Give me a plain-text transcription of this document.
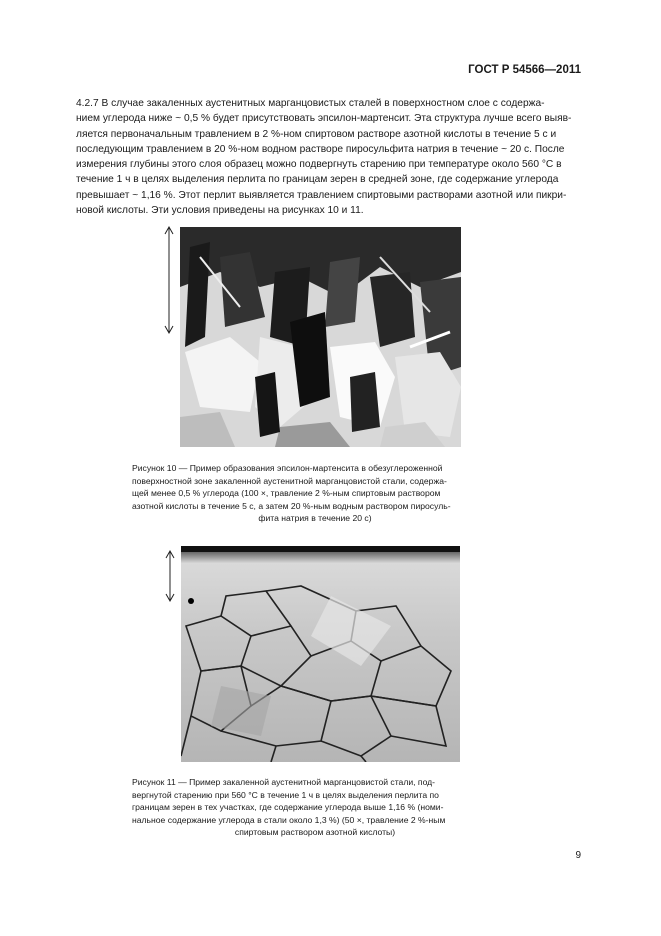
ГОСТ Р 54566—2011

4.2.7 В случае закаленных аустенитных марганцовистых сталей в поверхностном слое с содержа-

нием углерода ниже ~ 0,5 % будет присутствовать эпсилон-мартенсит. Эта структура лучше всего выяв-

ляется первоначальным травлением в 2 %-ном спиртовом растворе азотной кислоты в течение 5 с и

последующим травлением в 20 %-ном водном растворе пиросульфита натрия в течение ~ 20 с. После

измерения глубины этого слоя образец можно подвергнуть старению при температуре около 560 °С в

течение 1 ч в целях выделения перлита по границам зерен в средней зоне, где содержание углерода

превышает ~ 1,16 %. Этот перлит выявляется травлением спиртовыми растворами азотной или пикри-

новой кислоты. Эти условия приведены на рисунках 10 и 11.

Рисунок 10 — Пример образования эпсилон-мартенсита в обезуглероженной
поверхностной зоне закаленной аустенитной марганцовистой стали, содержа-
щей менее 0,5 % углерода (100 ×, травление 2 %-ным спиртовым раствором
азотной кислоты в течение 5 с, а затем 20 %-ным водным раствором пиросуль-
фита натрия в течение 20 с)
Рисунок 11 — Пример закаленной аустенитной марганцовистой стали, под-
вергнутой старению при 560 °С в течение 1 ч в целях выделения перлита по
границам зерен в тех участках, где содержание углерода выше 1,16 % (номи-
нальное содержание углерода в стали около 1,3 %) (50 ×, травление 2 %-ным
спиртовым раствором азотной кислоты)
9
